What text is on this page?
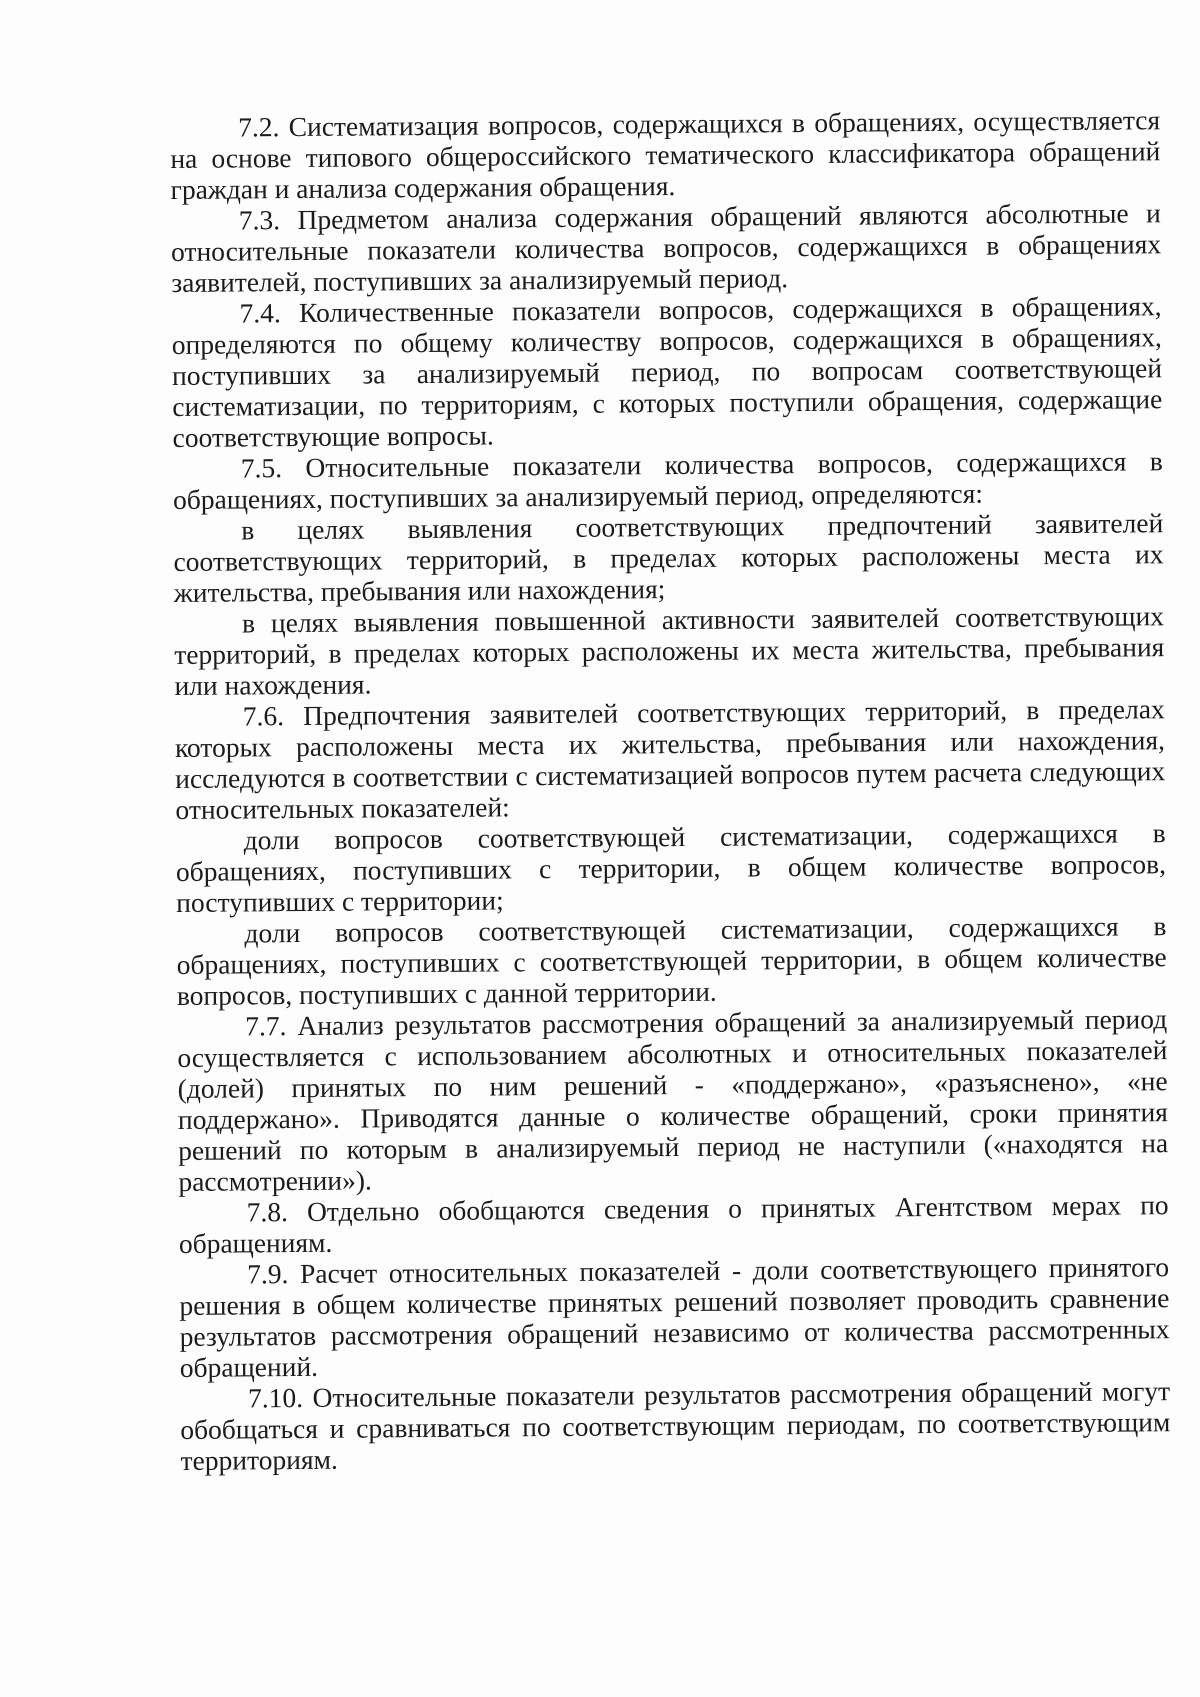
7.2. Систематизация вопросов, содержащихся в обращениях, осуществляется на основе типового общероссийского тематического классификатора обращений граждан и анализа содержания обращения.

7.3. Предметом анализа содержания обращений являются абсолютные и относительные показатели количества вопросов, содержащихся в обращениях заявителей, поступивших за анализируемый период.

7.4. Количественные показатели вопросов, содержащихся в обращениях, определяются по общему количеству вопросов, содержащихся в обращениях, поступивших за анализируемый период, по вопросам соответствующей систематизации, по территориям, с которых поступили обращения, содержащие соответствующие вопросы.

7.5. Относительные показатели количества вопросов, содержащихся в обращениях, поступивших за анализируемый период, определяются:

в целях выявления соответствующих предпочтений заявителей соответствующих территорий, в пределах которых расположены места их жительства, пребывания или нахождения;

в целях выявления повышенной активности заявителей соответствующих территорий, в пределах которых расположены их места жительства, пребывания или нахождения.

7.6. Предпочтения заявителей соответствующих территорий, в пределах которых расположены места их жительства, пребывания или нахождения, исследуются в соответствии с систематизацией вопросов путем расчета следующих относительных показателей:

доли вопросов соответствующей систематизации, содержащихся в обращениях, поступивших с территории, в общем количестве вопросов, поступивших с территории;

доли вопросов соответствующей систематизации, содержащихся в обращениях, поступивших с соответствующей территории, в общем количестве вопросов, поступивших с данной территории.

7.7. Анализ результатов рассмотрения обращений за анализируемый период осуществляется с использованием абсолютных и относительных показателей (долей) принятых по ним решений - «поддержано», «разъяснено», «не поддержано». Приводятся данные о количестве обращений, сроки принятия решений по которым в анализируемый период не наступили («находятся на рассмотрении»).

7.8. Отдельно обобщаются сведения о принятых Агентством мерах по обращениям.

7.9. Расчет относительных показателей - доли соответствующего принятого решения в общем количестве принятых решений позволяет проводить сравнение результатов рассмотрения обращений независимо от количества рассмотренных обращений.

7.10. Относительные показатели результатов рассмотрения обращений могут обобщаться и сравниваться по соответствующим периодам, по соответствующим территориям.
